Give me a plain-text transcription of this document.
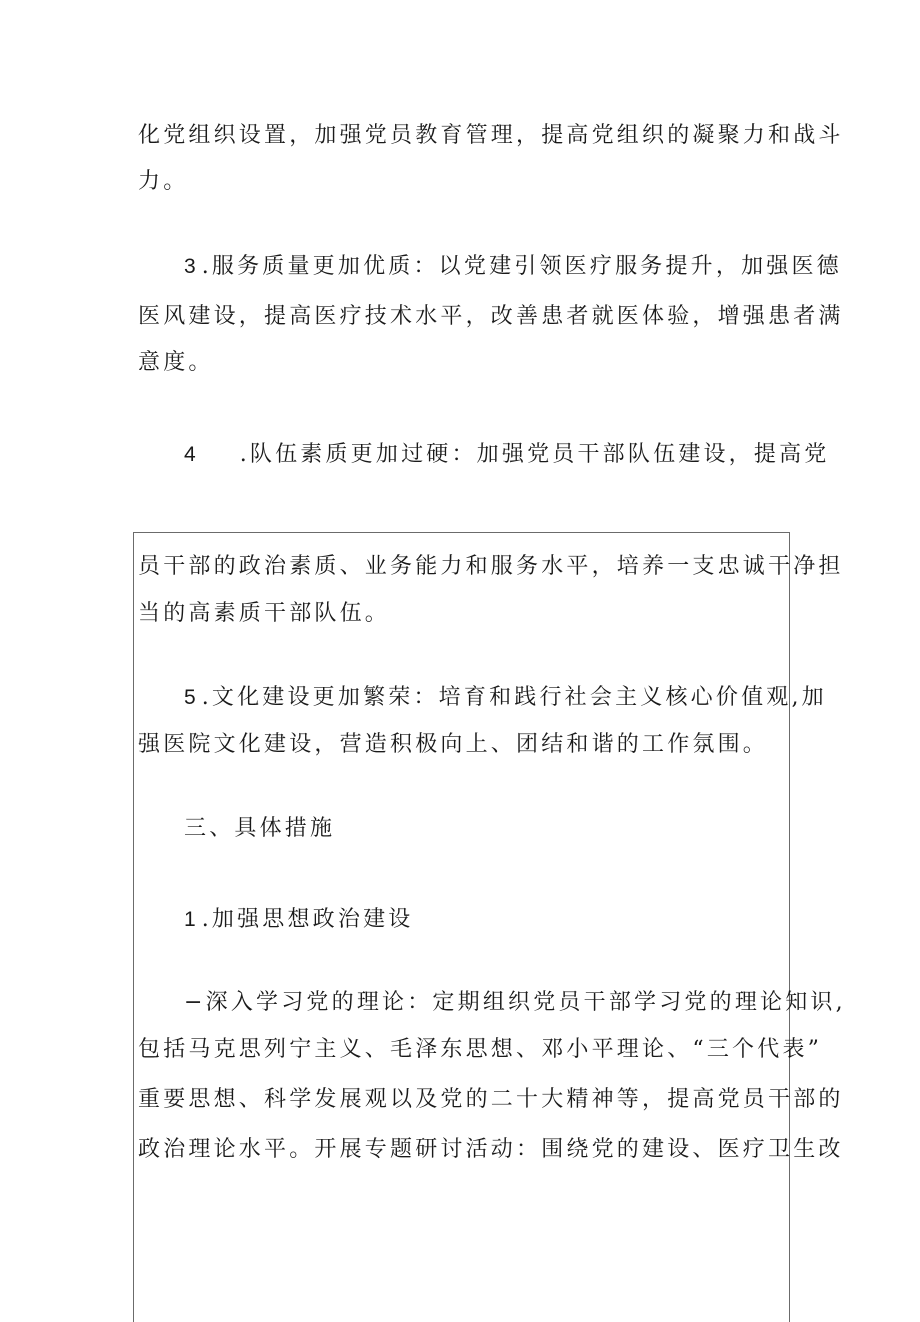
化党组织设置，加强党员教育管理，提高党组织的凝聚力和战斗
力。
3 .服务质量更加优质：以党建引领医疗服务提升，加强医德
医风建设，提高医疗技术水平，改善患者就医体验，增强患者满
意度。
4 .队伍素质更加过硬：加强党员干部队伍建设，提高党
员干部的政治素质、业务能力和服务水平，培养一支忠诚干净担
当的高素质干部队伍。
5 .文化建设更加繁荣：培育和践行社会主义核心价值观,加
强医院文化建设，营造积极向上、团结和谐的工作氛围。
三、具体措施
1 .加强思想政治建设
−深入学习党的理论：定期组织党员干部学习党的理论知识,
包括马克思列宁主义、毛泽东思想、邓小平理论、“三个代表”
重要思想、科学发展观以及党的二十大精神等，提高党员干部的
政治理论水平。开展专题研讨活动：围绕党的建设、医疗卫生改
